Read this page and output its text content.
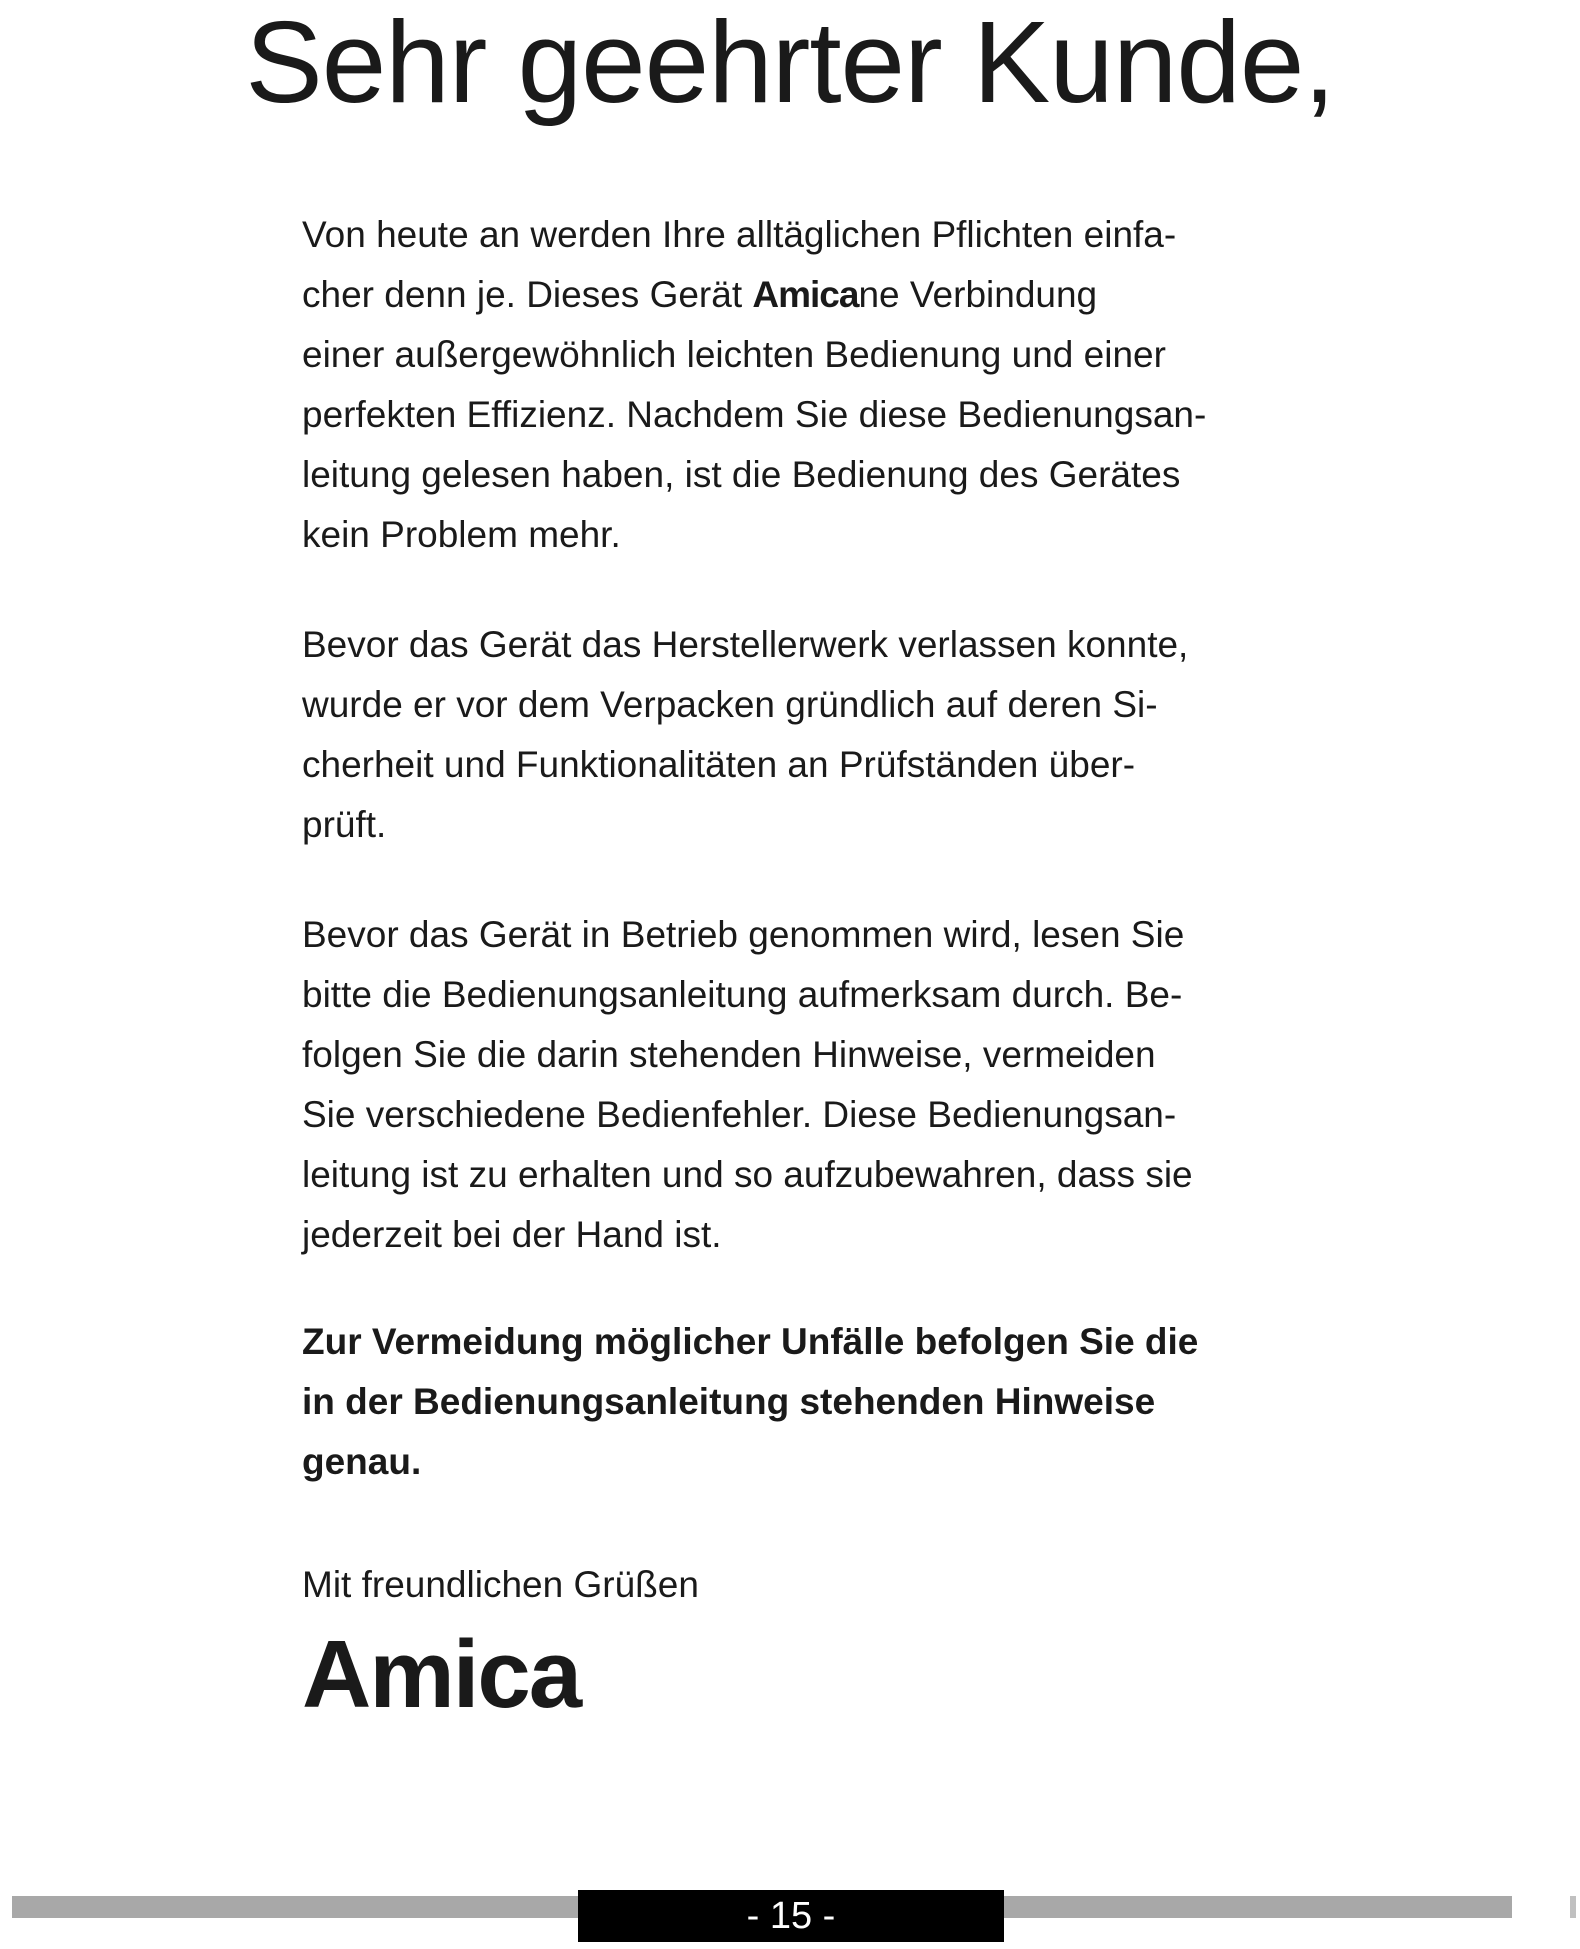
Sehr geehrter Kunde,

Von heute an werden Ihre alltäglichen Pflichten einfa-
cher denn je. Dieses Gerät Amicane Verbindung
einer außergewöhnlich leichten Bedienung und einer
perfekten Effizienz. Nachdem Sie diese Bedienungsan-
leitung gelesen haben, ist die Bedienung des Gerätes
kein Problem mehr.

Bevor das Gerät das Herstellerwerk verlassen konnte,
wurde er vor dem Verpacken gründlich auf deren Si-
cherheit und Funktionalitäten an Prüfständen über-
prüft.

Bevor das Gerät in Betrieb genommen wird, lesen Sie
bitte die Bedienungsanleitung aufmerksam durch. Be-
folgen Sie die darin stehenden Hinweise, vermeiden
Sie verschiedene Bedienfehler. Diese Bedienungsan-
leitung ist zu erhalten und so aufzubewahren, dass sie
jederzeit bei der Hand ist.

Zur Vermeidung möglicher Unfälle befolgen Sie die
in der Bedienungsanleitung stehenden Hinweise
genau.

Mit freundlichen Grüßen

Amica
- 15 -
